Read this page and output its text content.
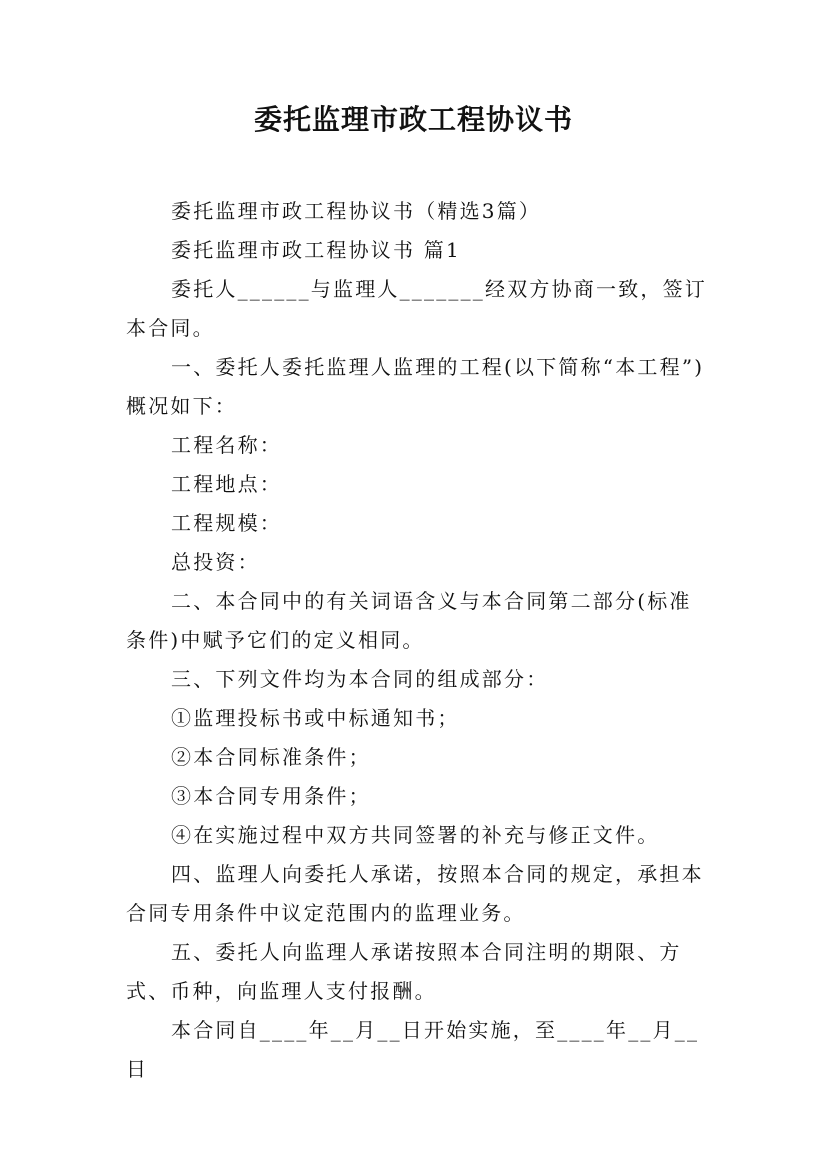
委托监理市政工程协议书

委托监理市政工程协议书（精选3篇）

委托监理市政工程协议书 篇1

委托人______与监理人_______经双方协商一致，签订本合同。

一、委托人委托监理人监理的工程(以下简称“本工程”)概况如下：

工程名称：

工程地点：

工程规模：

总投资：

二、本合同中的有关词语含义与本合同第二部分(标准条件)中赋予它们的定义相同。

三、下列文件均为本合同的组成部分：

①监理投标书或中标通知书；

②本合同标准条件；

③本合同专用条件；

④在实施过程中双方共同签署的补充与修正文件。

四、监理人向委托人承诺，按照本合同的规定，承担本合同专用条件中议定范围内的监理业务。

五、委托人向监理人承诺按照本合同注明的期限、方式、币种，向监理人支付报酬。

本合同自____年__月__日开始实施，至____年__月__日
